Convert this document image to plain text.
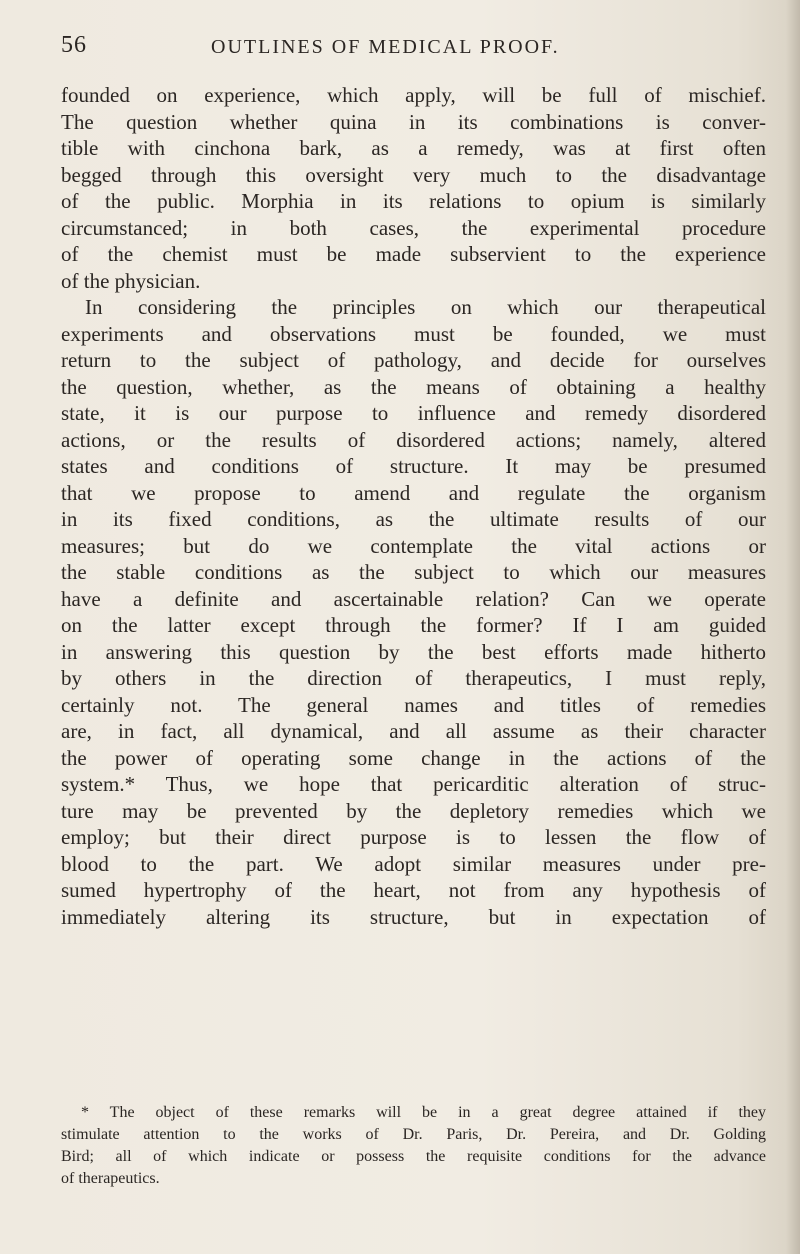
56	OUTLINES OF MEDICAL PROOF.
founded on experience, which apply, will be full of mischief.
The question whether quina in its combinations is conver-
tible with cinchona bark, as a remedy, was at first often
begged through this oversight very much to the disadvantage
of the public. Morphia in its relations to opium is similarly
circumstanced; in both cases, the experimental procedure
of the chemist must be made subservient to the experience
of the physician.
In considering the principles on which our therapeutical
experiments and observations must be founded, we must
return to the subject of pathology, and decide for ourselves
the question, whether, as the means of obtaining a healthy
state, it is our purpose to influence and remedy disordered
actions, or the results of disordered actions; namely, altered
states and conditions of structure. It may be presumed
that we propose to amend and regulate the organism
in its fixed conditions, as the ultimate results of our
measures; but do we contemplate the vital actions or
the stable conditions as the subject to which our measures
have a definite and ascertainable relation? Can we operate
on the latter except through the former? If I am guided
in answering this question by the best efforts made hitherto
by others in the direction of therapeutics, I must reply,
certainly not. The general names and titles of remedies
are, in fact, all dynamical, and all assume as their character
the power of operating some change in the actions of the
system.* Thus, we hope that pericarditic alteration of struc-
ture may be prevented by the depletory remedies which we
employ; but their direct purpose is to lessen the flow of
blood to the part. We adopt similar measures under pre-
sumed hypertrophy of the heart, not from any hypothesis of
immediately altering its structure, but in expectation of
* The object of these remarks will be in a great degree attained if they
stimulate attention to the works of Dr. Paris, Dr. Pereira, and Dr. Golding
Bird; all of which indicate or possess the requisite conditions for the advance
of therapeutics.
